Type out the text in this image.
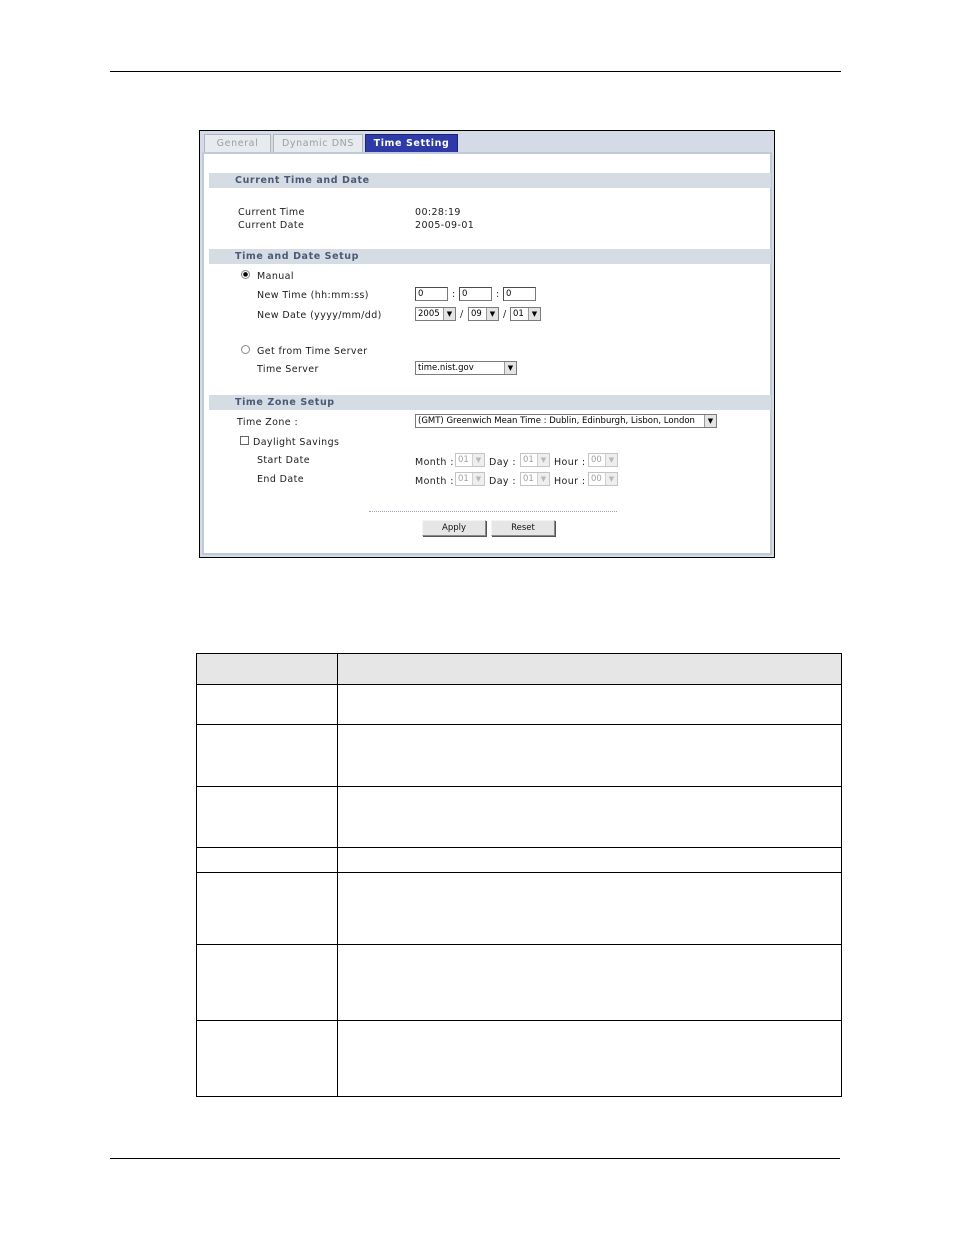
General	Dynamic DNS	Time Setting
Current Time and Date
Current Time	00:28:19
Current Date	2005-09-01
Time and Date Setup
● Manual
New Time (hh:mm:ss)	0	: 0	: 0
New Date (yyyy/mm/dd)	2005	▼ / 09	▼ / 01	▼
Get from Time Server
Time Server	time.nist.gov	▼
Time Zone Setup
Time Zone :	(GMT) Greenwich Mean Time : Dublin, Edinburgh, Lisbon, London	▼
Daylight Savings
Start Date	Month : 01 ▼ Day : 01 ▼ Hour : 00 ▼
End Date	Month : 01 ▼ Day : 01 ▼ Hour : 00 ▼
Apply	Reset
